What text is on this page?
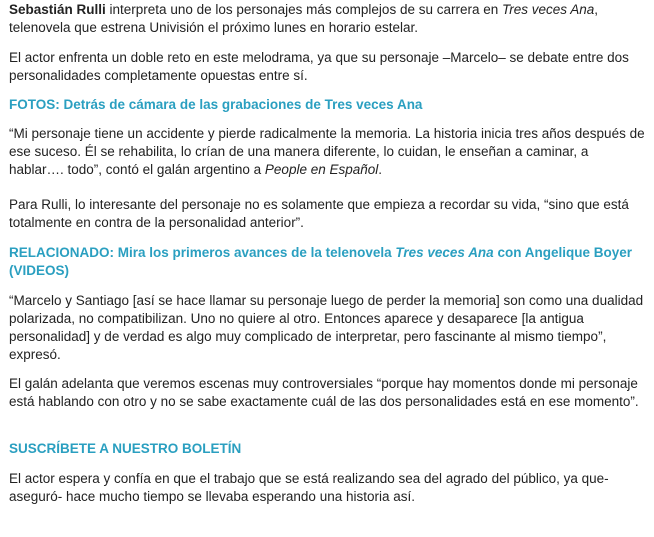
Sebastián Rulli interpreta uno de los personajes más complejos de su carrera en Tres veces Ana, telenovela que estrena Univisión el próximo lunes en horario estelar.

El actor enfrenta un doble reto en este melodrama, ya que su personaje –Marcelo– se debate entre dos personalidades completamente opuestas entre sí.

FOTOS: Detrás de cámara de las grabaciones de Tres veces Ana

“Mi personaje tiene un accidente y pierde radicalmente la memoria. La historia inicia tres años después de ese suceso. Él se rehabilita, lo crían de una manera diferente, lo cuidan, le enseñan a caminar, a hablar…. todo”, contó el galán argentino a People en Español.

Para Rulli, lo interesante del personaje no es solamente que empieza a recordar su vida, “sino que está totalmente en contra de la personalidad anterior”.

RELACIONADO: Mira los primeros avances de la telenovela Tres veces Ana con Angelique Boyer (VIDEOS)

“Marcelo y Santiago [así se hace llamar su personaje luego de perder la memoria] son como una dualidad polarizada, no compatibilizan. Uno no quiere al otro. Entonces aparece y desaparece [la antigua personalidad] y de verdad es algo muy complicado de interpretar, pero fascinante al mismo tiempo”, expresó.

El galán adelanta que veremos escenas muy controversiales “porque hay momentos donde mi personaje está hablando con otro y no se sabe exactamente cuál de las dos personalidades está en ese momento”.

SUSCRÍBETE A NUESTRO BOLETÍN

El actor espera y confía en que el trabajo que se está realizando sea del agrado del público, ya que-aseguró- hace mucho tiempo se llevaba esperando una historia así.
